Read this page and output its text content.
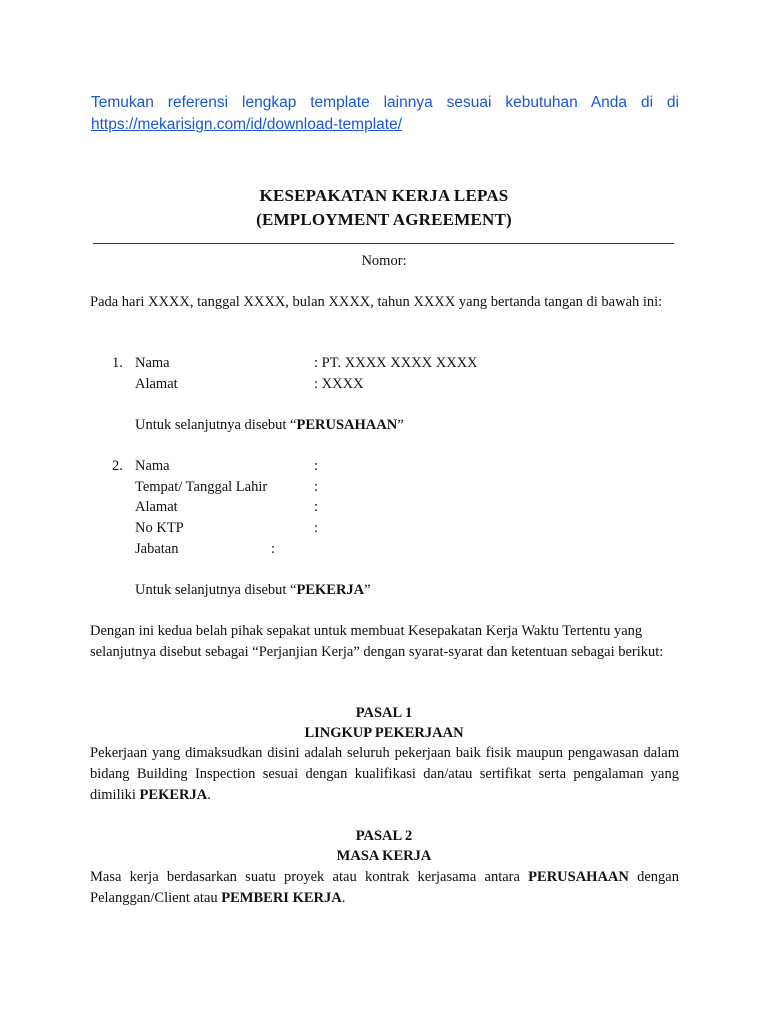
Temukan referensi lengkap template lainnya sesuai kebutuhan Anda di di
https://mekarisign.com/id/download-template/
KESEPAKATAN KERJA LEPAS
(EMPLOYMENT AGREEMENT)
Nomor:
Pada hari XXXX, tanggal XXXX, bulan XXXX, tahun XXXX yang bertanda tangan di bawah ini:
1. Nama	: PT. XXXX XXXX XXXX
Alamat	: XXXX
Untuk selanjutnya disebut “PERUSAHAAN”
2. Nama	:
Tempat/ Tanggal Lahir	:
Alamat	:
No KTP	:
Jabatan	:
Untuk selanjutnya disebut “PEKERJA”
Dengan ini kedua belah pihak sepakat untuk membuat Kesepakatan Kerja Waktu Tertentu yang selanjutnya disebut sebagai “Perjanjian Kerja” dengan syarat-syarat dan ketentuan sebagai berikut:
PASAL 1
LINGKUP PEKERJAAN
Pekerjaan yang dimaksudkan disini adalah seluruh pekerjaan baik fisik maupun pengawasan dalam bidang Building Inspection sesuai dengan kualifikasi dan/atau sertifikat serta pengalaman yang dimiliki PEKERJA.
PASAL 2
MASA KERJA
Masa kerja berdasarkan suatu proyek atau kontrak kerjasama antara PERUSAHAAN dengan Pelanggan/Client atau PEMBERI KERJA.
